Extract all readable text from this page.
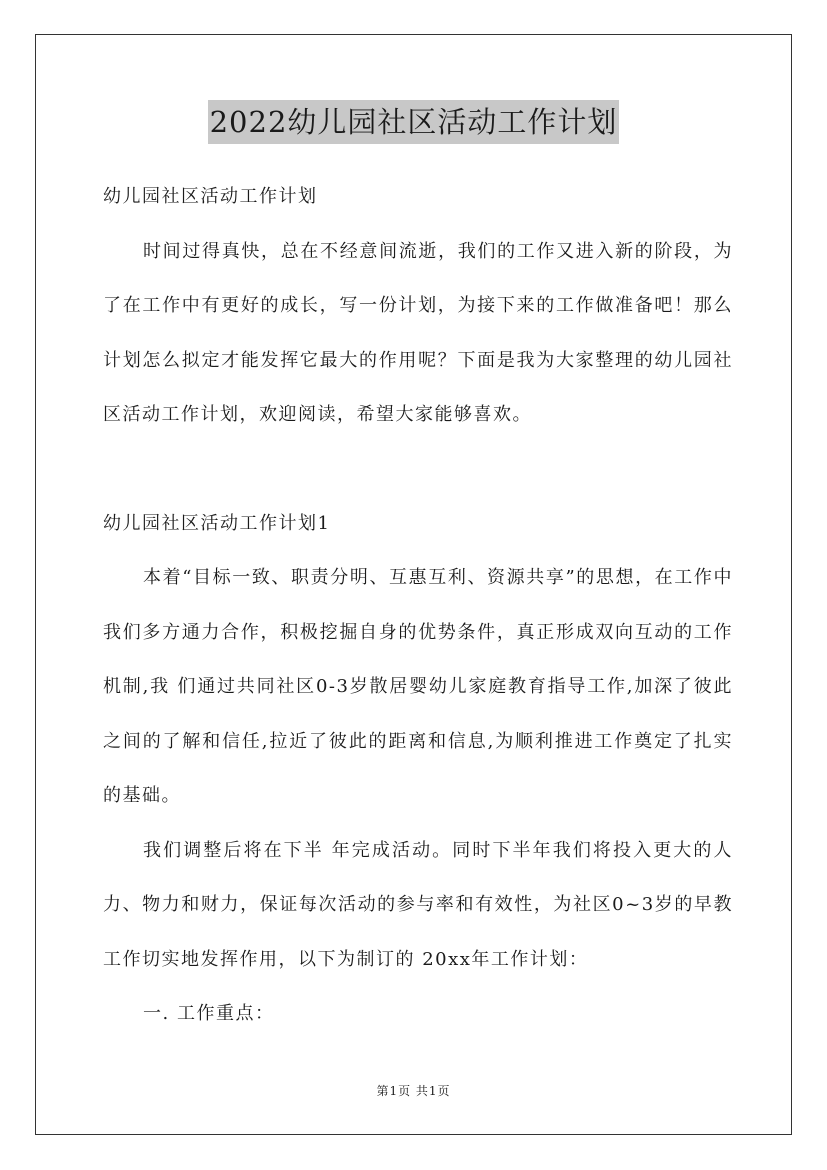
2022幼儿园社区活动工作计划

幼儿园社区活动工作计划

时间过得真快，总在不经意间流逝，我们的工作又进入新的阶段，为了在工作中有更好的成长，写一份计划，为接下来的工作做准备吧！那么计划怎么拟定才能发挥它最大的作用呢？下面是我为大家整理的幼儿园社区活动工作计划，欢迎阅读，希望大家能够喜欢。

幼儿园社区活动工作计划1

本着“目标一致、职责分明、互惠互利、资源共享”的思想，在工作中我们多方通力合作，积极挖掘自身的优势条件，真正形成双向互动的工作机制,我 们通过共同社区0-3岁散居婴幼儿家庭教育指导工作,加深了彼此之间的了解和信任,拉近了彼此的距离和信息,为顺利推进工作奠定了扎实的基础。

我们调整后将在下半 年完成活动。同时下半年我们将投入更大的人力、物力和财力，保证每次活动的参与率和有效性，为社区0~3岁的早教工作切实地发挥作用，以下为制订的 20xx年工作计划：

一. 工作重点：

第1页 共1页
